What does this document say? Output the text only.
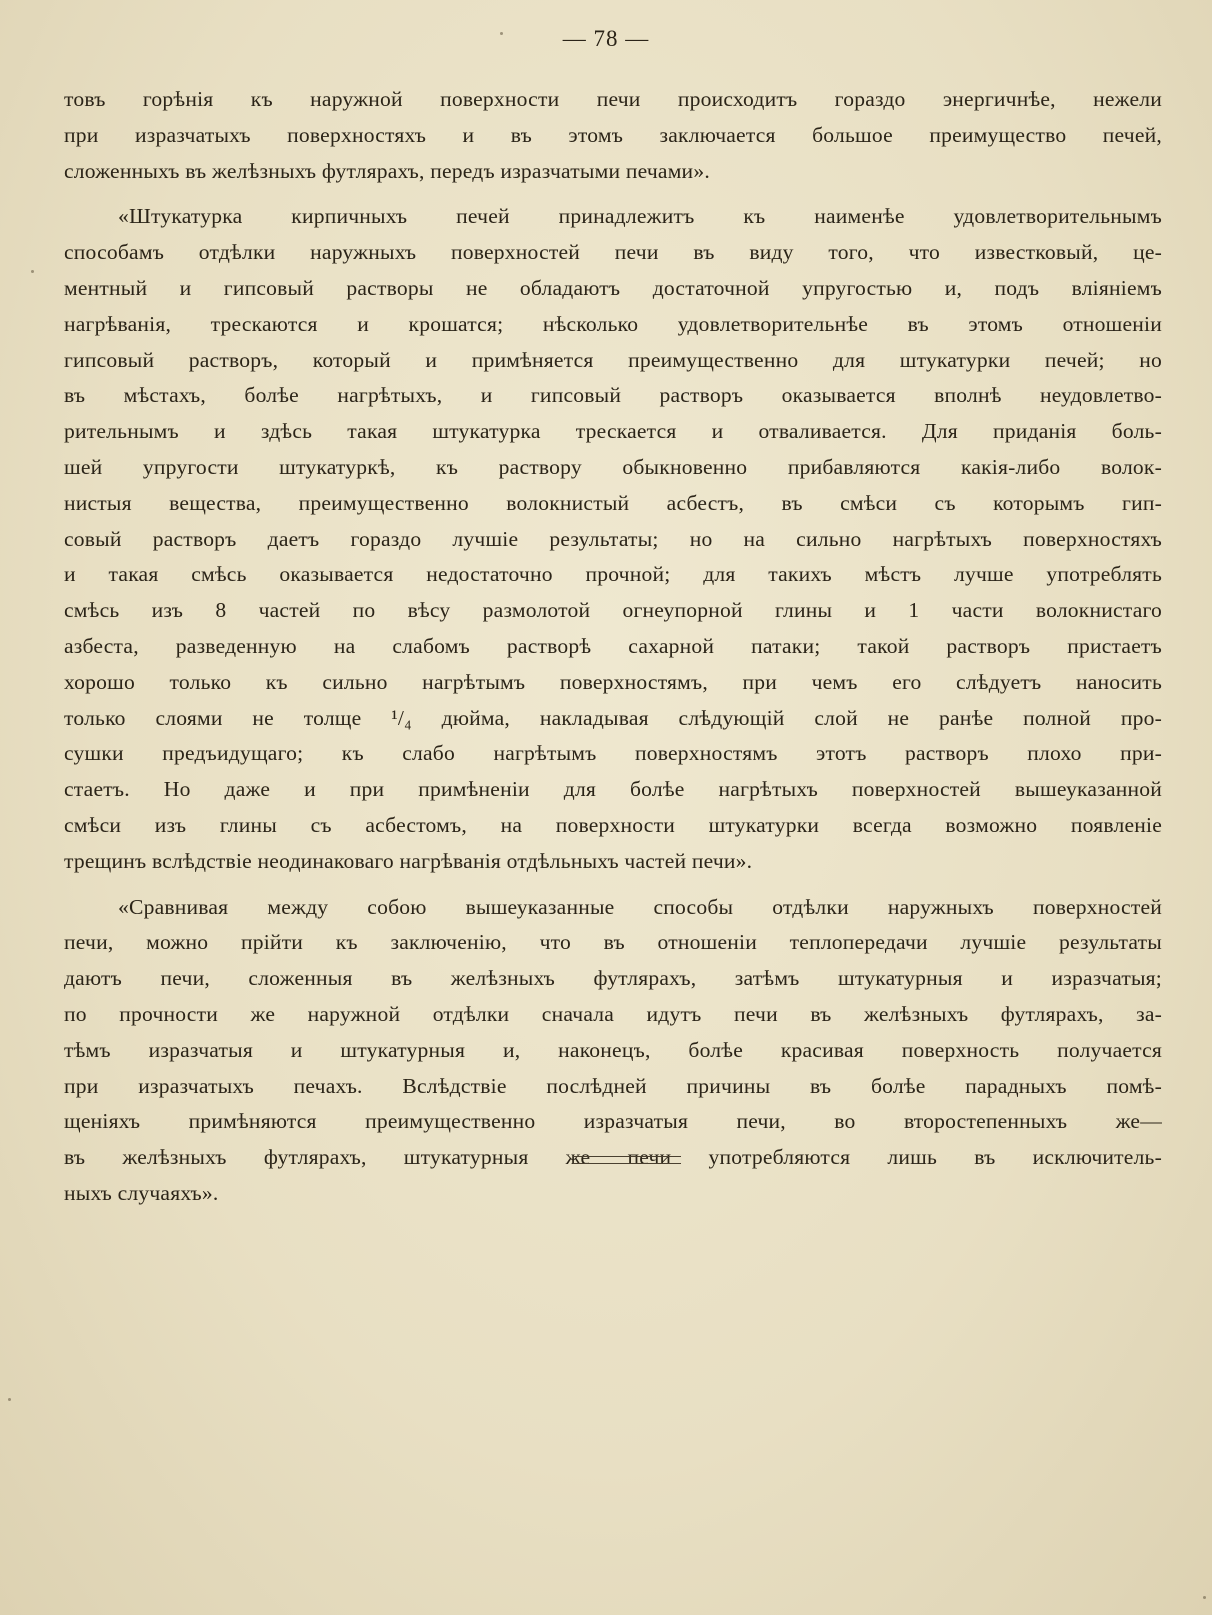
— 78 —
товъ горѣнія къ наружной поверхности печи происходитъ гораздо энергичнѣе, нежели
при изразчатыхъ поверхностяхъ и въ этомъ заключается большое преимущество печей,
сложенныхъ въ желѣзныхъ футлярахъ, передъ изразчатыми печами».
«Штукатурка кирпичныхъ печей принадлежитъ къ наименѣе удовлетворительнымъ
способамъ отдѣлки наружныхъ поверхностей печи въ виду того, что известковый, це-
ментный и гипсовый растворы не обладаютъ достаточной упругостью и, подъ вліяніемъ
нагрѣванія, трескаются и крошатся; нѣсколько удовлетворительнѣе въ этомъ отношеніи
гипсовый растворъ, который и примѣняется преимущественно для штукатурки печей; но
въ мѣстахъ, болѣе нагрѣтыхъ, и гипсовый растворъ оказывается вполнѣ неудовлетво-
рительнымъ и здѣсь такая штукатурка трескается и отваливается. Для приданія боль-
шей упругости штукатуркѣ, къ раствору обыкновенно прибавляются какія-либо волок-
нистыя вещества, преимущественно волокнистый асбестъ, въ смѣси съ которымъ гип-
совый растворъ даетъ гораздо лучшіе результаты; но на сильно нагрѣтыхъ поверхностяхъ
и такая смѣсь оказывается недостаточно прочной; для такихъ мѣстъ лучше употреблять
смѣсь изъ 8 частей по вѣсу размолотой огнеупорной глины и 1 части волокнистаго
азбеста, разведенную на слабомъ растворѣ сахарной патаки; такой растворъ пристаетъ
хорошо только къ сильно нагрѣтымъ поверхностямъ, при чемъ его слѣдуетъ наносить
только слоями не толще ¹/₄ дюйма, накладывая слѣдующій слой не ранѣе полной про-
сушки предъидущаго; къ слабо нагрѣтымъ поверхностямъ этотъ растворъ плохо при-
стаетъ. Но даже и при примѣненіи для болѣе нагрѣтыхъ поверхностей вышеуказанной
смѣси изъ глины съ асбестомъ, на поверхности штукатурки всегда возможно появленіе
трещинъ вслѣдствіе неодинаковаго нагрѣванія отдѣльныхъ частей печи».
«Сравнивая между собою вышеуказанные способы отдѣлки наружныхъ поверхностей
печи, можно прійти къ заключенію, что въ отношеніи теплопередачи лучшіе результаты
даютъ печи, сложенныя въ желѣзныхъ футлярахъ, затѣмъ штукатурныя и изразчатыя;
по прочности же наружной отдѣлки сначала идутъ печи въ желѣзныхъ футлярахъ, за-
тѣмъ изразчатыя и штукатурныя и, наконецъ, болѣе красивая поверхность получается
при изразчатыхъ печахъ. Вслѣдствіе послѣдней причины въ болѣе парадныхъ помѣ-
щеніяхъ примѣняются преимущественно изразчатыя печи, во второстепенныхъ же—
въ желѣзныхъ футлярахъ, штукатурныя же печи употребляются лишь въ исключитель-
ныхъ случаяхъ».
